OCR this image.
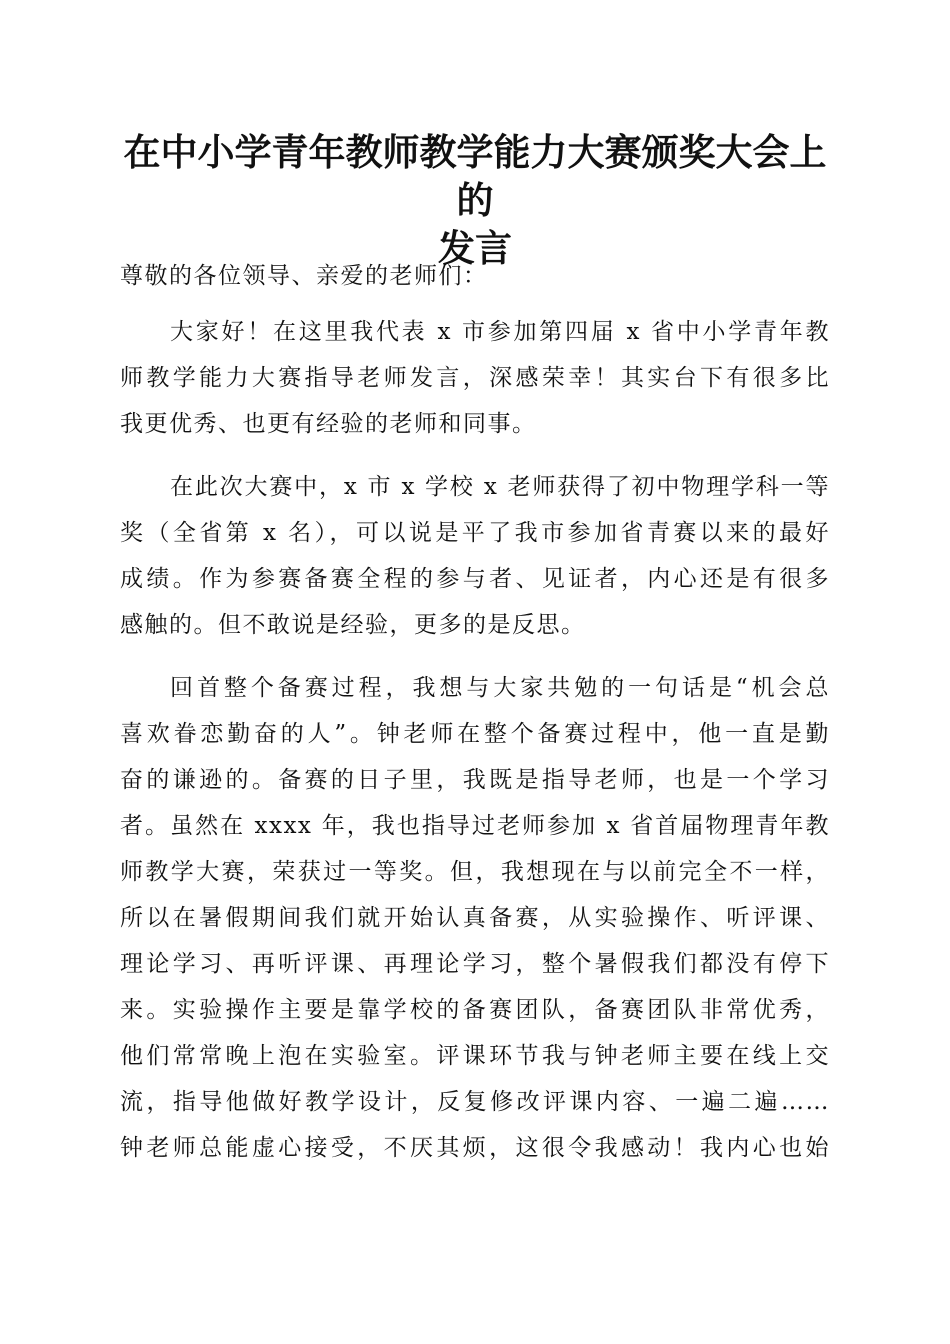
在中小学青年教师教学能力大赛颁奖大会上的
发言

尊敬的各位领导、亲爱的老师们：

大家好！在这里我代表 x 市参加第四届 x 省中小学青年教
师教学能力大赛指导老师发言，深感荣幸！其实台下有很多比
我更优秀、也更有经验的老师和同事。
在此次大赛中，x 市 x 学校 x 老师获得了初中物理学科一等
奖（全省第 x 名），可以说是平了我市参加省青赛以来的最好
成绩。作为参赛备赛全程的参与者、见证者，内心还是有很多
感触的。但不敢说是经验，更多的是反思。
回首整个备赛过程，我想与大家共勉的一句话是“机会总
喜欢眷恋勤奋的人”。钟老师在整个备赛过程中，他一直是勤
奋的谦逊的。备赛的日子里，我既是指导老师，也是一个学习
者。虽然在 xxxx 年，我也指导过老师参加 x 省首届物理青年教
师教学大赛，荣获过一等奖。但，我想现在与以前完全不一样，
所以在暑假期间我们就开始认真备赛，从实验操作、听评课、
理论学习、再听评课、再理论学习，整个暑假我们都没有停下
来。实验操作主要是靠学校的备赛团队，备赛团队非常优秀，
他们常常晚上泡在实验室。评课环节我与钟老师主要在线上交
流，指导他做好教学设计，反复修改评课内容、一遍二遍……
钟老师总能虚心接受，不厌其烦，这很令我感动！我内心也始
